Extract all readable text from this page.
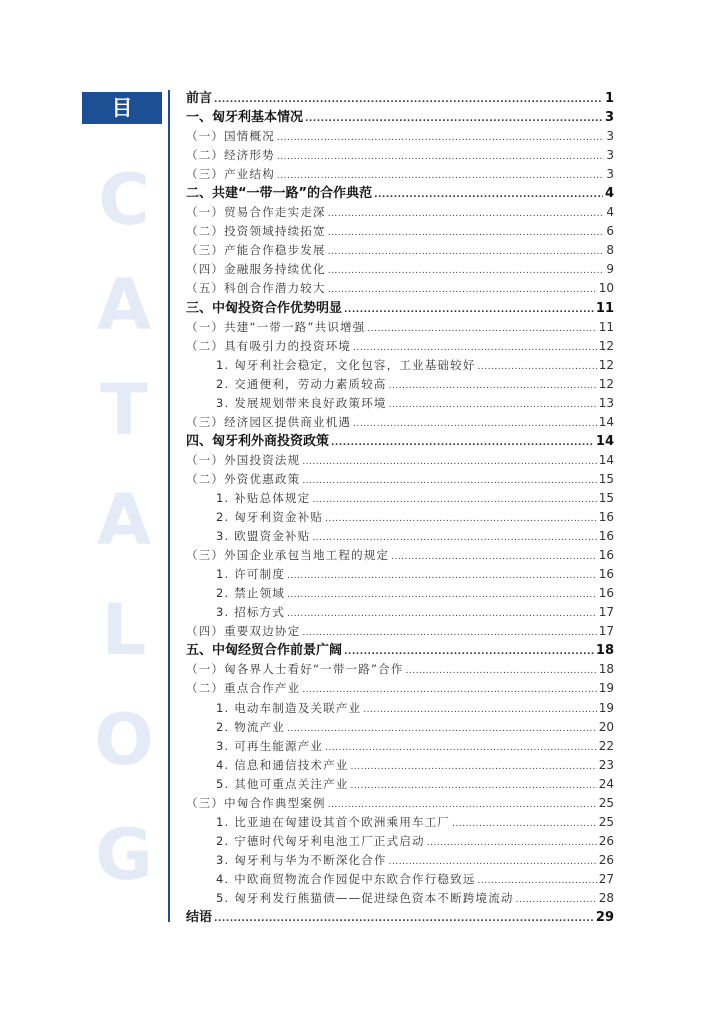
目 录
C
A
T
A
L
O
G
前言 .....	1
一、匈牙利基本情况 .....	3
（一）国情概况 .....	3
（二）经济形势 .....	3
（三）产业结构 .....	3
二、共建“一带一路”的合作典范 .....	4
（一）贸易合作走实走深 .....	4
（二）投资领域持续拓宽 .....	6
（三）产能合作稳步发展 .....	8
（四）金融服务持续优化 .....	9
（五）科创合作潜力较大 .....	10
三、中匈投资合作优势明显 .....	11
（一）共建“一带一路”共识增强 .....	11
（二）具有吸引力的投资环境 .....	12
1. 匈牙利社会稳定，文化包容，工业基础较好 .....	12
2. 交通便利，劳动力素质较高 .....	12
3. 发展规划带来良好政策环境 .....	13
（三）经济园区提供商业机遇 .....	14
四、匈牙利外商投资政策 .....	14
（一）外国投资法规 .....	14
（二）外资优惠政策 .....	15
1. 补贴总体规定 .....	15
2. 匈牙利资金补贴 .....	16
3. 欧盟资金补贴 .....	16
（三）外国企业承包当地工程的规定 .....	16
1. 许可制度 .....	16
2. 禁止领域 .....	16
3. 招标方式 .....	17
（四）重要双边协定 .....	17
五、中匈经贸合作前景广阔 .....	18
（一）匈各界人士看好“一带一路”合作 .....	18
（二）重点合作产业 .....	19
1. 电动车制造及关联产业 .....	19
2. 物流产业 .....	20
3. 可再生能源产业 .....	22
4. 信息和通信技术产业 .....	23
5. 其他可重点关注产业 .....	24
（三）中匈合作典型案例 .....	25
1. 比亚迪在匈建设其首个欧洲乘用车工厂 .....	25
2. 宁德时代匈牙利电池工厂正式启动 .....	26
3. 匈牙利与华为不断深化合作 .....	26
4. 中欧商贸物流合作园促中东欧合作行稳致远 .....	27
5. 匈牙利发行熊猫债——促进绿色资本不断跨境流动 .....	28
结语 .....	29
